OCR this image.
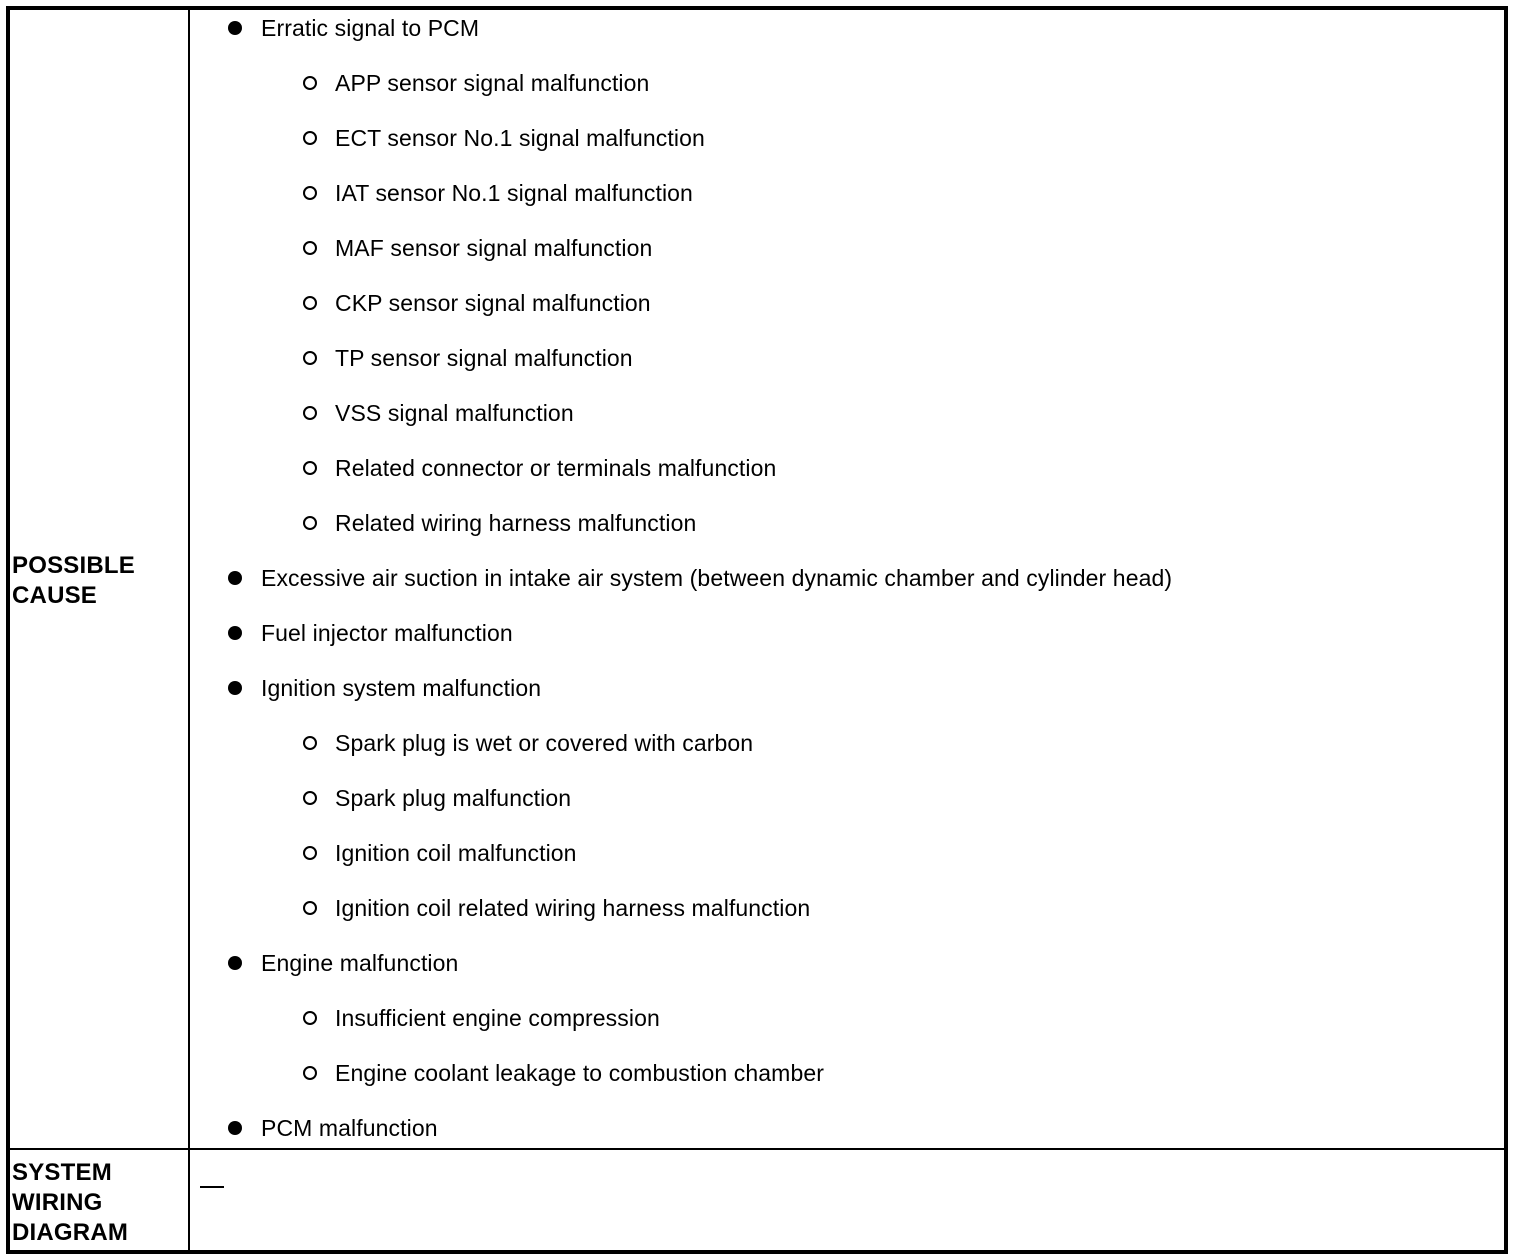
POSSIBLE
CAUSE
SYSTEM
WIRING
DIAGRAM
Erratic signal to PCM
APP sensor signal malfunction
ECT sensor No.1 signal malfunction
IAT sensor No.1 signal malfunction
MAF sensor signal malfunction
CKP sensor signal malfunction
TP sensor signal malfunction
VSS signal malfunction
Related connector or terminals malfunction
Related wiring harness malfunction
Excessive air suction in intake air system (between dynamic chamber and cylinder head)
Fuel injector malfunction
Ignition system malfunction
Spark plug is wet or covered with carbon
Spark plug malfunction
Ignition coil malfunction
Ignition coil related wiring harness malfunction
Engine malfunction
Insufficient engine compression
Engine coolant leakage to combustion chamber
PCM malfunction
